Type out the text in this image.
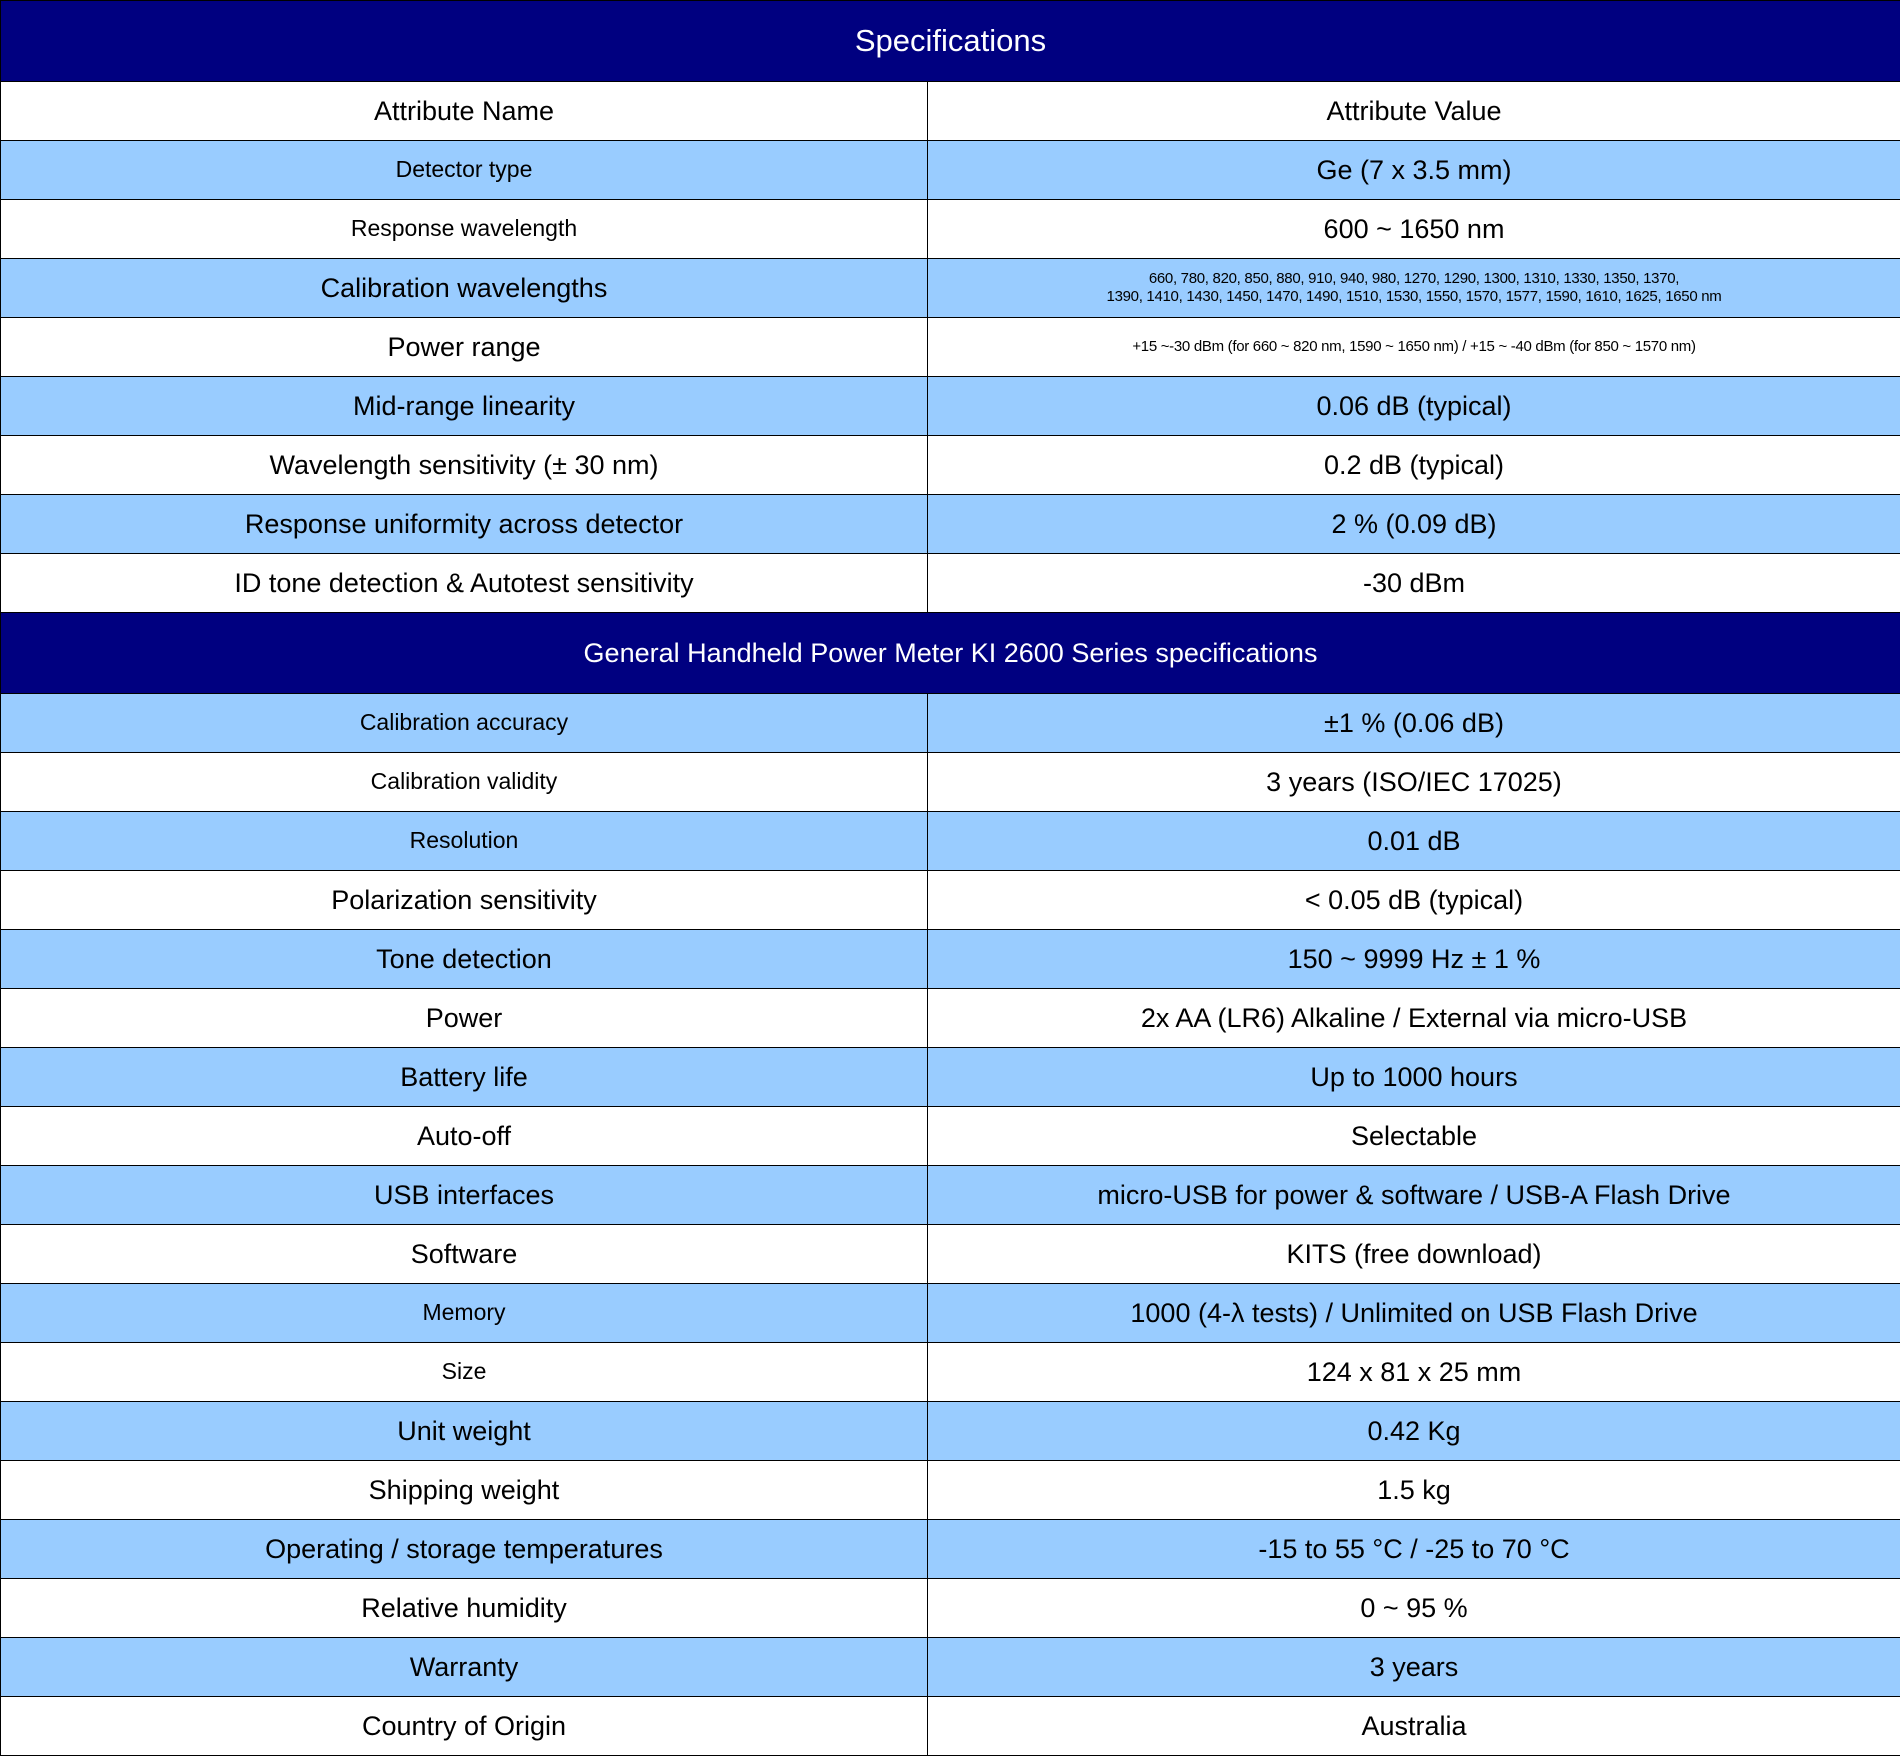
Specifications	
Attribute Name	Attribute Value
Detector type	Ge (7 x 3.5 mm)
Response wavelength	600 ~ 1650 nm
Calibration wavelengths	660, 780, 820, 850, 880, 910, 940, 980, 1270, 1290, 1300, 1310, 1330, 1350, 1370,
1390, 1410, 1430, 1450, 1470, 1490, 1510, 1530, 1550, 1570, 1577, 1590, 1610, 1625, 1650 nm
Power range	+15 ~-30 dBm (for 660 ~ 820 nm, 1590 ~ 1650 nm) / +15 ~ -40 dBm (for 850 ~ 1570 nm)
Mid-range linearity	0.06 dB (typical)
Wavelength sensitivity (± 30 nm)	0.2 dB (typical)
Response uniformity across detector	2 % (0.09 dB)
ID tone detection & Autotest sensitivity	-30 dBm
General Handheld Power Meter KI 2600 Series specifications	
Calibration accuracy	±1 % (0.06 dB)
Calibration validity	3 years (ISO/IEC 17025)
Resolution	0.01 dB
Polarization sensitivity	< 0.05 dB (typical)
Tone detection	150 ~ 9999 Hz ± 1 %
Power	2x AA (LR6) Alkaline / External via micro-USB
Battery life	Up to 1000 hours
Auto-off	Selectable
USB interfaces	micro-USB for power & software / USB-A Flash Drive
Software	KITS (free download)
Memory	1000 (4-λ tests) / Unlimited on USB Flash Drive
Size	124 x 81 x 25 mm
Unit weight	0.42 Kg
Shipping weight	1.5 kg
Operating / storage temperatures	-15 to 55 °C / -25 to 70 °C
Relative humidity	0 ~ 95 %
Warranty	3 years
Country of Origin	Australia
